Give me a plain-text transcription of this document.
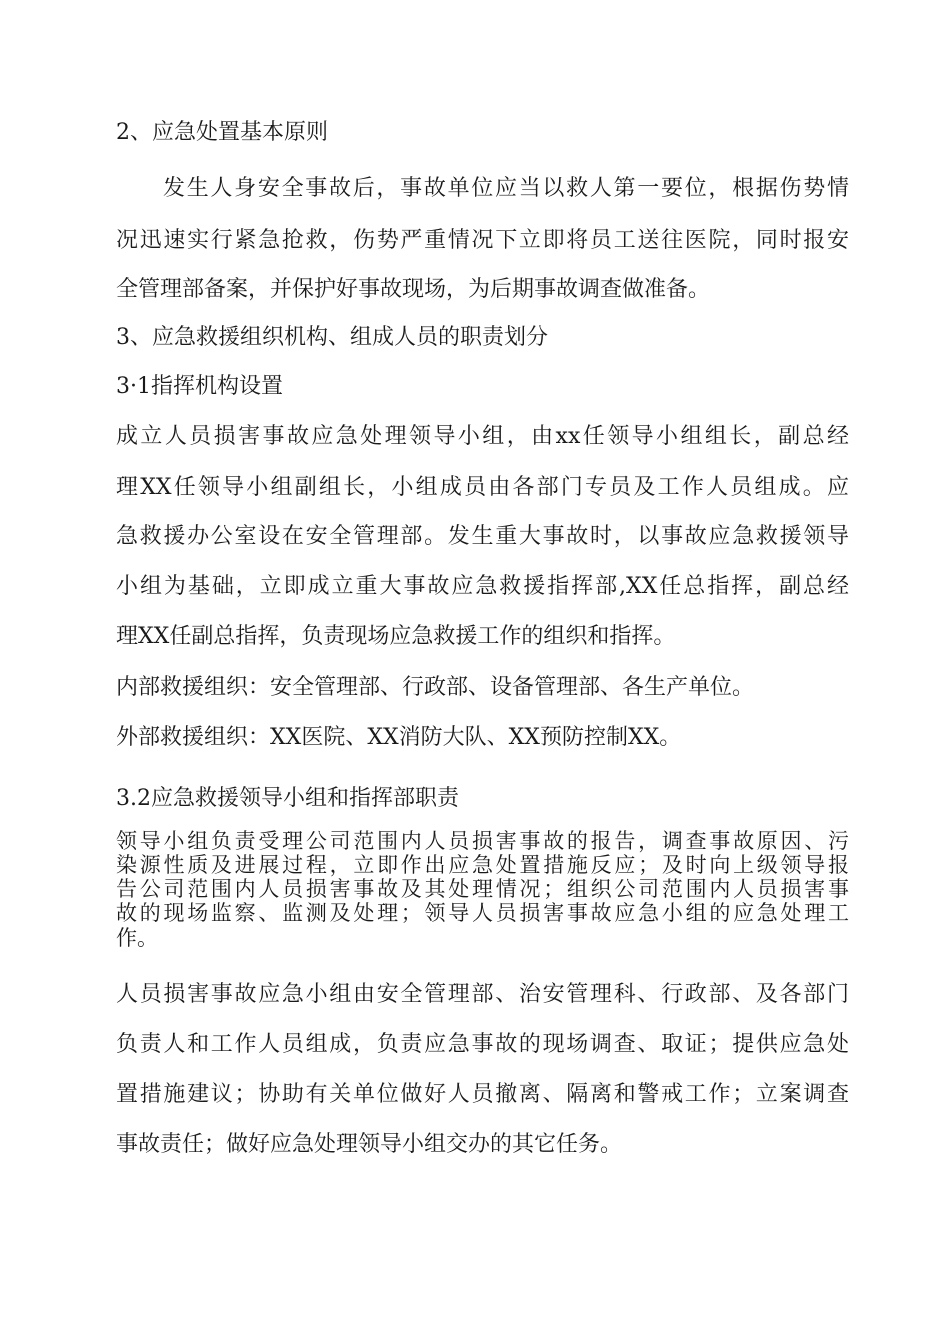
2、应急处置基本原则
发生人身安全事故后，事故单位应当以救人第一要位，根据伤势情
况迅速实行紧急抢救，伤势严重情况下立即将员工送往医院，同时报安
全管理部备案，并保护好事故现场，为后期事故调查做准备。
3、应急救援组织机构、组成人员的职责划分
3·1指挥机构设置
成立人员损害事故应急处理领导小组，由xx任领导小组组长，副总经
理XX任领导小组副组长，小组成员由各部门专员及工作人员组成。应
急救援办公室设在安全管理部。发生重大事故时，以事故应急救援领导
小组为基础，立即成立重大事故应急救援指挥部,XX任总指挥，副总经
理XX任副总指挥，负责现场应急救援工作的组织和指挥。
内部救援组织：安全管理部、行政部、设备管理部、各生产单位。
外部救援组织：XX医院、XX消防大队、XX预防控制XX。
3.2应急救援领导小组和指挥部职责
领导小组负责受理公司范围内人员损害事故的报告，调查事故原因、污
染源性质及进展过程，立即作出应急处置措施反应；及时向上级领导报
告公司范围内人员损害事故及其处理情况；组织公司范围内人员损害事
故的现场监察、监测及处理；领导人员损害事故应急小组的应急处理工
作。
人员损害事故应急小组由安全管理部、治安管理科、行政部、及各部门
负责人和工作人员组成，负责应急事故的现场调查、取证；提供应急处
置措施建议；协助有关单位做好人员撤离、隔离和警戒工作；立案调查
事故责任；做好应急处理领导小组交办的其它任务。
